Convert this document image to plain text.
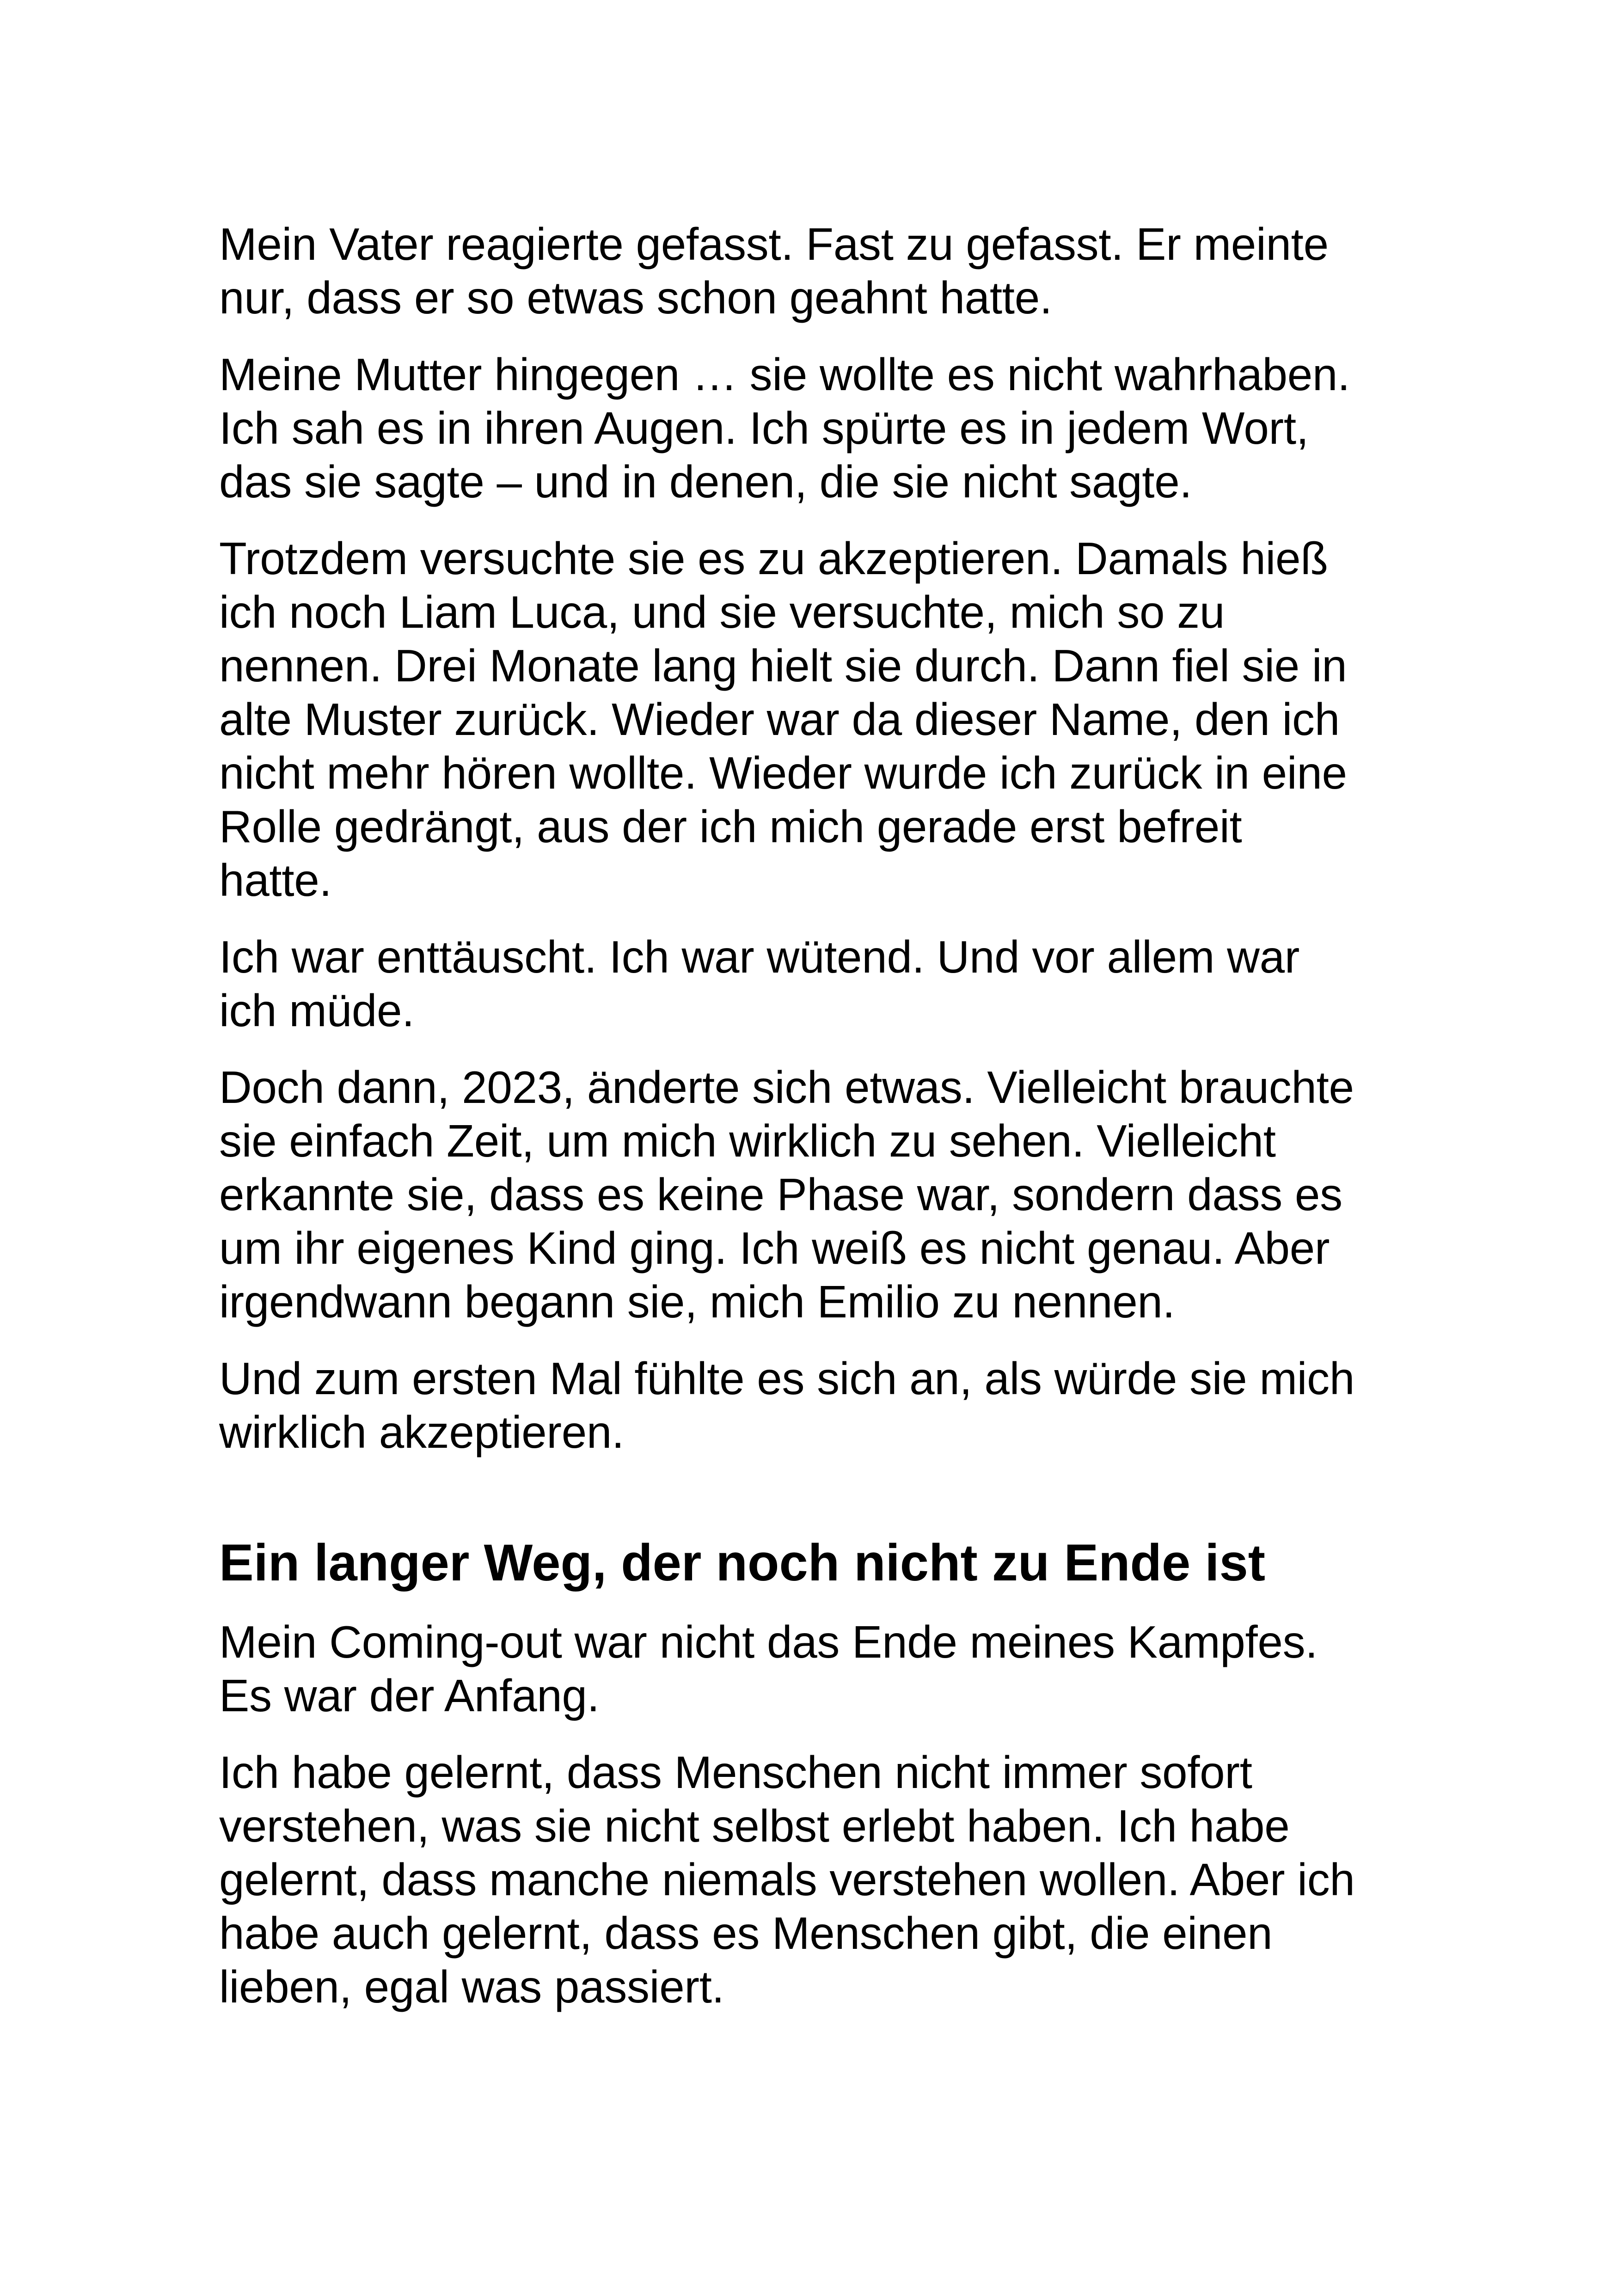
Mein Vater reagierte gefasst. Fast zu gefasst. Er meinte
nur, dass er so etwas schon geahnt hatte.

Meine Mutter hingegen … sie wollte es nicht wahrhaben.
Ich sah es in ihren Augen. Ich spürte es in jedem Wort,
das sie sagte – und in denen, die sie nicht sagte.

Trotzdem versuchte sie es zu akzeptieren. Damals hieß
ich noch Liam Luca, und sie versuchte, mich so zu
nennen. Drei Monate lang hielt sie durch. Dann fiel sie in
alte Muster zurück. Wieder war da dieser Name, den ich
nicht mehr hören wollte. Wieder wurde ich zurück in eine
Rolle gedrängt, aus der ich mich gerade erst befreit
hatte.

Ich war enttäuscht. Ich war wütend. Und vor allem war
ich müde.

Doch dann, 2023, änderte sich etwas. Vielleicht brauchte
sie einfach Zeit, um mich wirklich zu sehen. Vielleicht
erkannte sie, dass es keine Phase war, sondern dass es
um ihr eigenes Kind ging. Ich weiß es nicht genau. Aber
irgendwann begann sie, mich Emilio zu nennen.

Und zum ersten Mal fühlte es sich an, als würde sie mich
wirklich akzeptieren.

Ein langer Weg, der noch nicht zu Ende ist

Mein Coming-out war nicht das Ende meines Kampfes.
Es war der Anfang.

Ich habe gelernt, dass Menschen nicht immer sofort
verstehen, was sie nicht selbst erlebt haben. Ich habe
gelernt, dass manche niemals verstehen wollen. Aber ich
habe auch gelernt, dass es Menschen gibt, die einen
lieben, egal was passiert.
